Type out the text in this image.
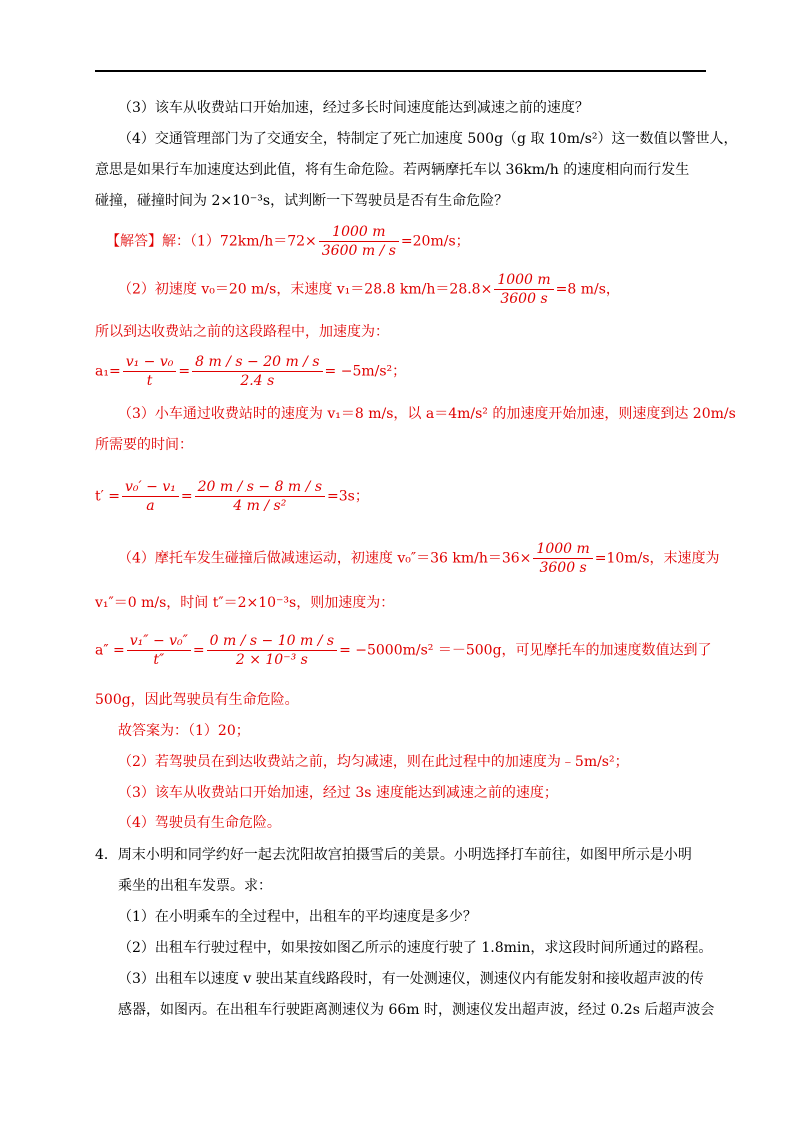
（3）该车从收费站口开始加速，经过多长时间速度能达到减速之前的速度？
（4）交通管理部门为了交通安全，特制定了死亡加速度 500g（g 取 10m/s²）这一数值以警世人，
意思是如果行车加速度达到此值，将有生命危险。若两辆摩托车以 36km/h 的速度相向而行发生
碰撞，碰撞时间为 2×10⁻³s，试判断一下驾驶员是否有生命危险？
【解答】解：$(1)72km/h=72\times \frac{1000 m}{3600 m / s} =20m/s$；
（2）初速度 v₀＝20 m/s，末速度 v₁＝28.8 $km/h=28.8\times \frac{1000 m}{3600 s} =8$ m/s，
所以到达收费站之前的这段路程中，加速度为：
$a_1= \frac{\text{v₁ − v₀}}{t} = \frac{8 m / s - 20 m / s}{2.4 s} = -5m/s^2$；
（3）小车通过收费站时的速度为 v₁＝8 m/s，以 a＝4m/s² 的加速度开始加速，则速度到达 20m/s
所需要的时间：
$t' = \frac{\text{v₀′ − v₁}}{a} = \frac{20 m / s - 8 m / s}{\text{4 m / s²}} =3s$；
（4）摩托车发生碰撞后做减速运动，初速度 v₀″＝36 $km/h=36\times \frac{1000 m}{3600 s} =10m/s$，末速度为
v₁″＝0 m/s，时间 t″＝2×10⁻³s，则加速度为：
$a'' = \frac{\text{v₁″ − v₀″}}{t''} = \frac{0 m / s - 10 m / s}{\text{2 × 10⁻³ s}} = -5000m/s^2 =-500g$，可见摩托车的加速度数值达到了
500g，因此驾驶员有生命危险。
故答案为：（1）20；
（2）若驾驶员在到达收费站之前，均匀减速，则在此过程中的加速度为﹣5m/s²；
（3）该车从收费站口开始加速，经过 3s 速度能达到减速之前的速度；
（4）驾驶员有生命危险。
4．周末小明和同学约好一起去沈阳故宫拍摄雪后的美景。小明选择打车前往，如图甲所示是小明
乘坐的出租车发票。求：
（1）在小明乘车的全过程中，出租车的平均速度是多少？
（2）出租车行驶过程中，如果按如图乙所示的速度行驶了 1.8min，求这段时间所通过的路程。
（3）出租车以速度 v 驶出某直线路段时，有一处测速仪，测速仪内有能发射和接收超声波的传
感器，如图丙。在出租车行驶距离测速仪为 66m 时，测速仪发出超声波，经过 0.2s 后超声波会
